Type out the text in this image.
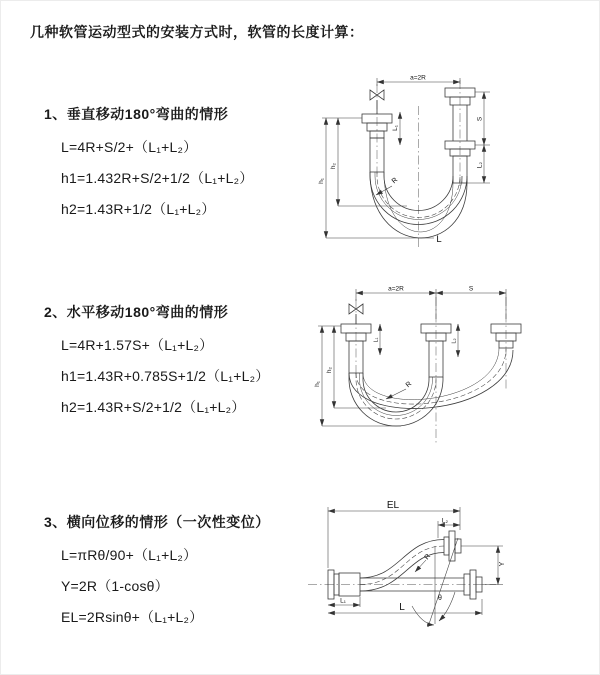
几种软管运动型式的安装方式时，软管的长度计算：
1、垂直移动180°弯曲的情形
L=4R+S/2+（L₁+L₂）
h1=1.432R+S/2+1/2（L₁+L₂）
h2=1.43R+1/2（L₁+L₂）
a=2R
L₁
h₁
h₂
S
L₂
R
L
2、水平移动180°弯曲的情形
L=4R+1.57S+（L₁+L₂）
h1=1.43R+0.785S+1/2（L₁+L₂）
h2=1.43R+S/2+1/2（L₁+L₂）
a=2R	S
h₁
h₂
L₁	L₂
R
3、横向位移的情形（一次性变位）
L=πRθ/90+（L₁+L₂）
Y=2R（1-cosθ）
EL=2Rsinθ+（L₁+L₂）
EL
L₂
Y
L₁
L
R
θ
